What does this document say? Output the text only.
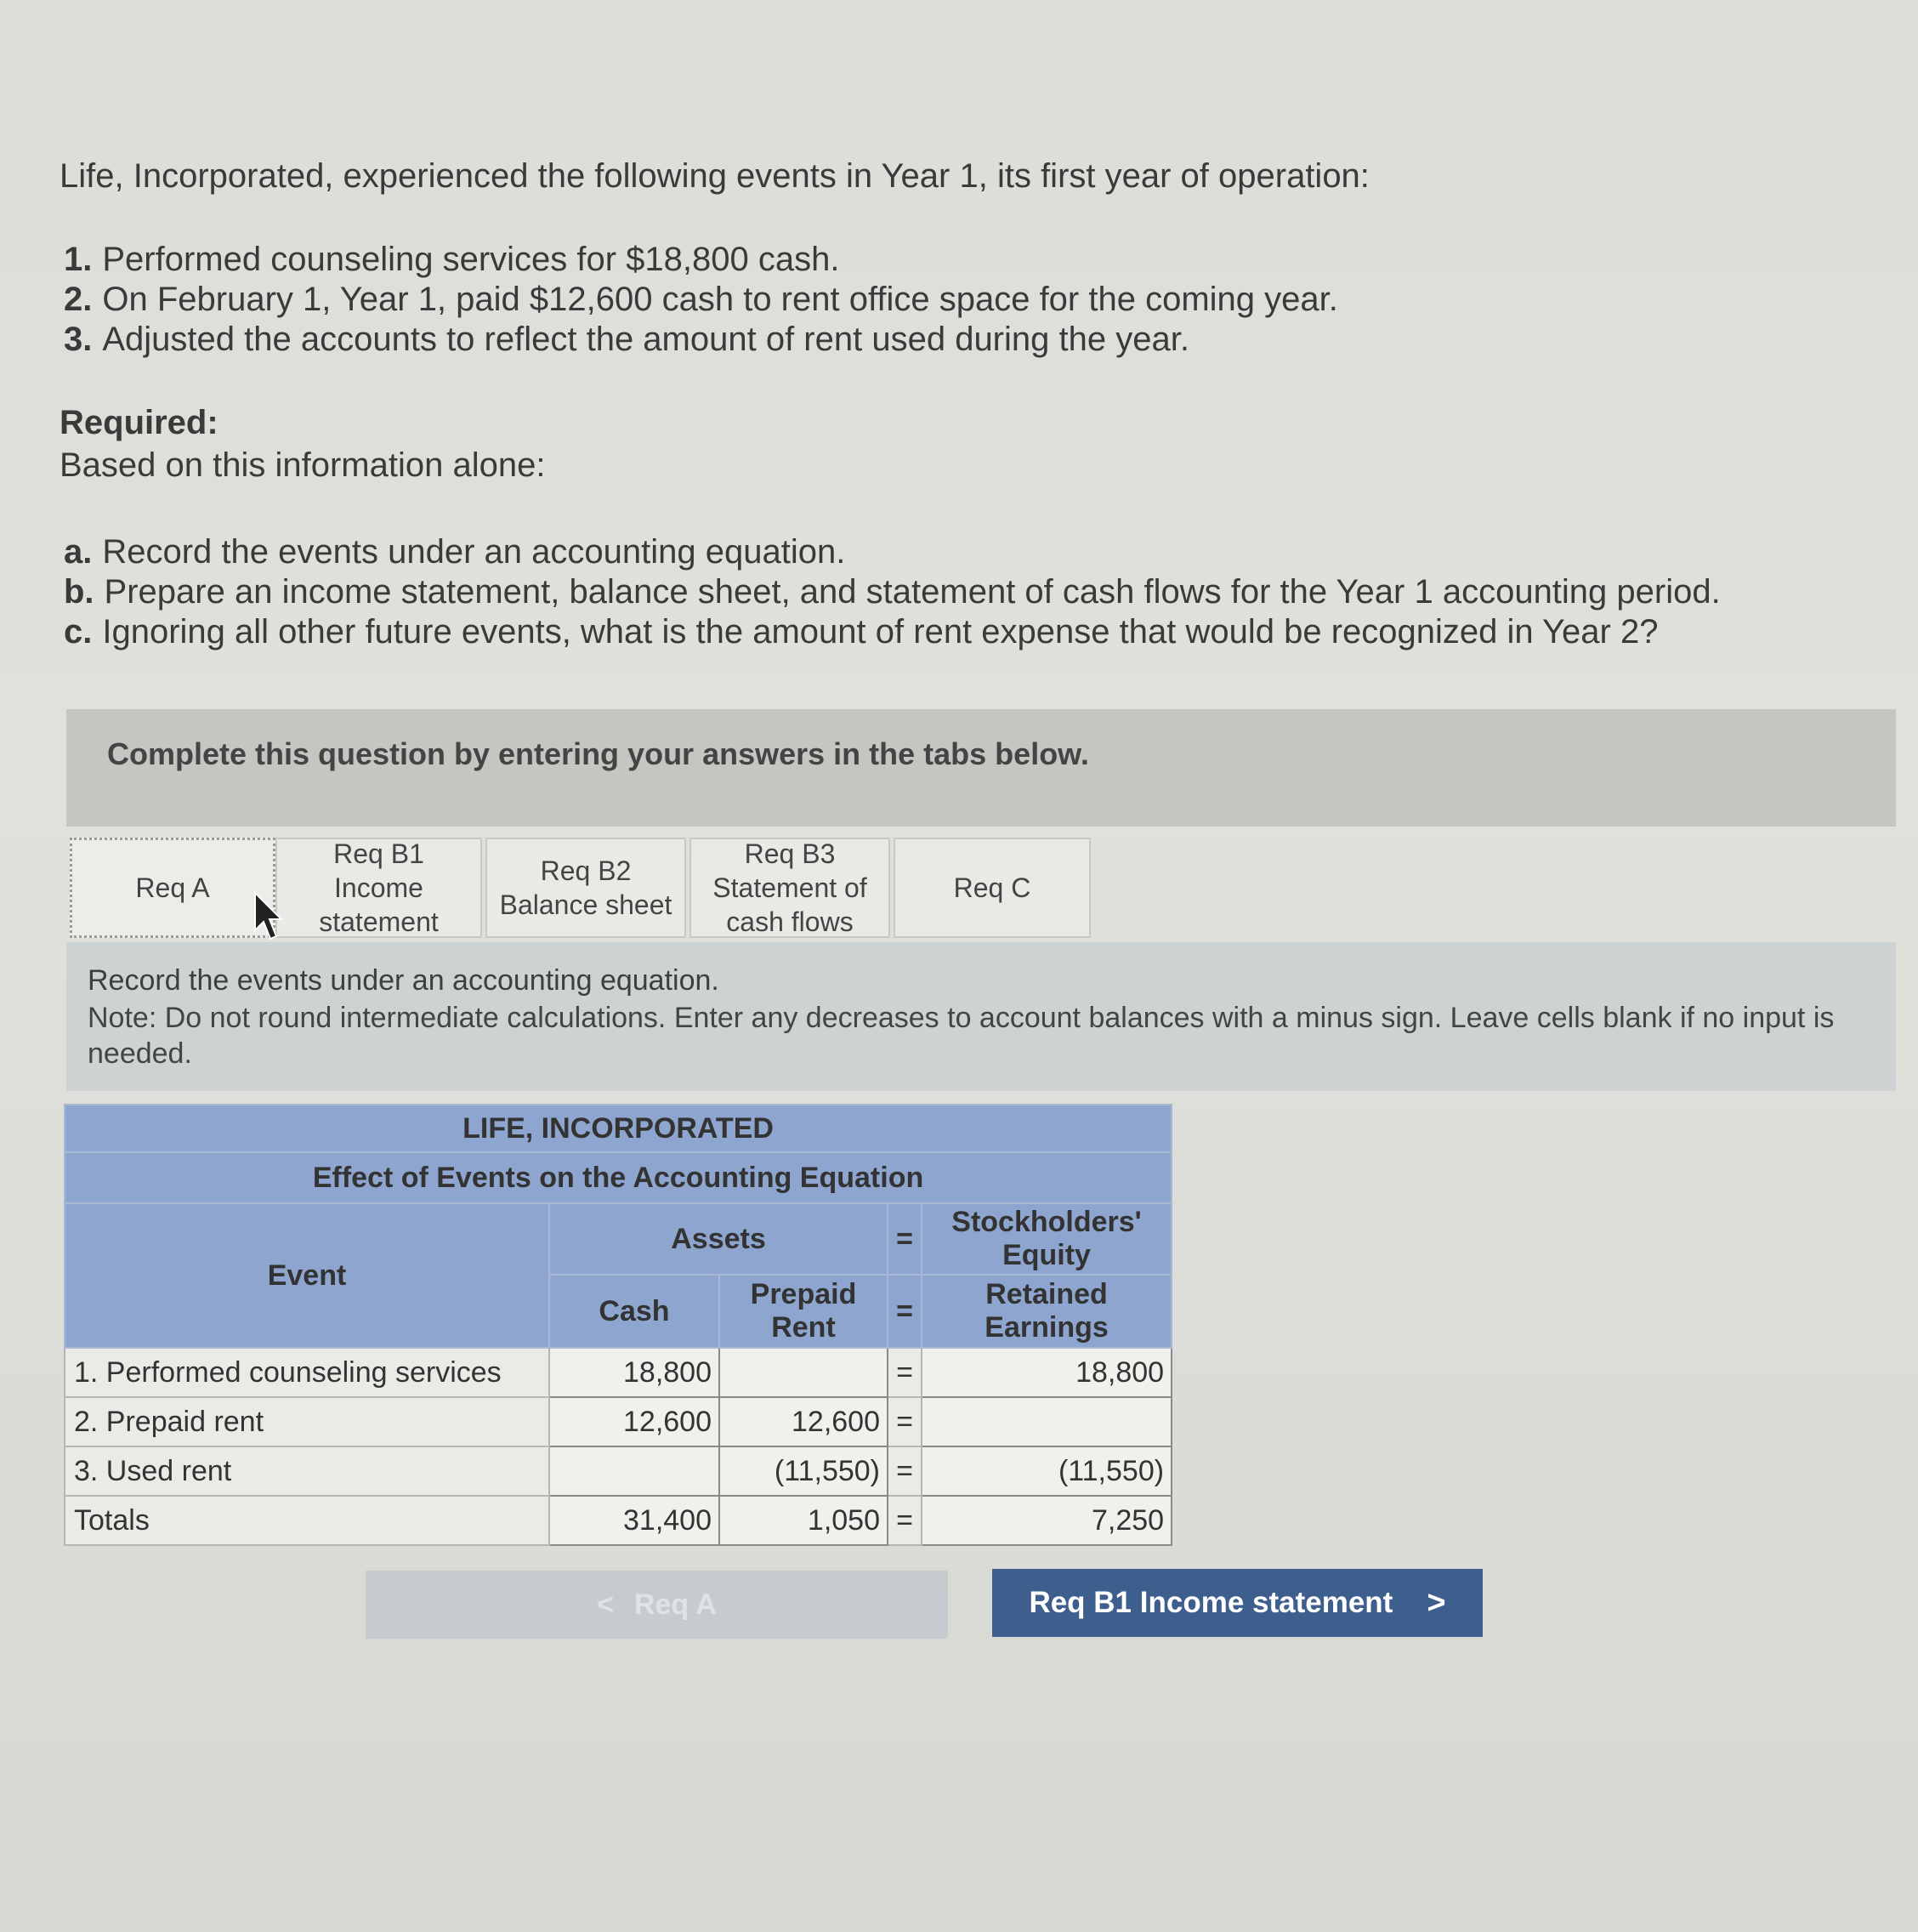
Life, Incorporated, experienced the following events in Year 1, its first year of operation:
1. Performed counseling services for $18,800 cash.
2. On February 1, Year 1, paid $12,600 cash to rent office space for the coming year.
3. Adjusted the accounts to reflect the amount of rent used during the year.
Required:
Based on this information alone:
a. Record the events under an accounting equation.
b. Prepare an income statement, balance sheet, and statement of cash flows for the Year 1 accounting period.
c. Ignoring all other future events, what is the amount of rent expense that would be recognized in Year 2?
Complete this question by entering your answers in the tabs below.
Req A
Req B1
Income
statement
Req B2
Balance sheet
Req B3
Statement of
cash flows
Req C
Record the events under an accounting equation.
Note: Do not round intermediate calculations. Enter any decreases to account balances with a minus sign. Leave cells blank if no input is needed.
LIFE, INCORPORATED				
Effect of Events on the Accounting Equation				
Event	Assets		=	Stockholders' Equity
	Cash	Prepaid Rent	=	Retained Earnings
1. Performed counseling services	18,800		=	18,800
2. Prepaid rent	12,600	12,600	=	
3. Used rent		(11,550)	=	(11,550)
Totals	31,400	1,050	=	7,250
< Req A	Req B1 Income statement >
